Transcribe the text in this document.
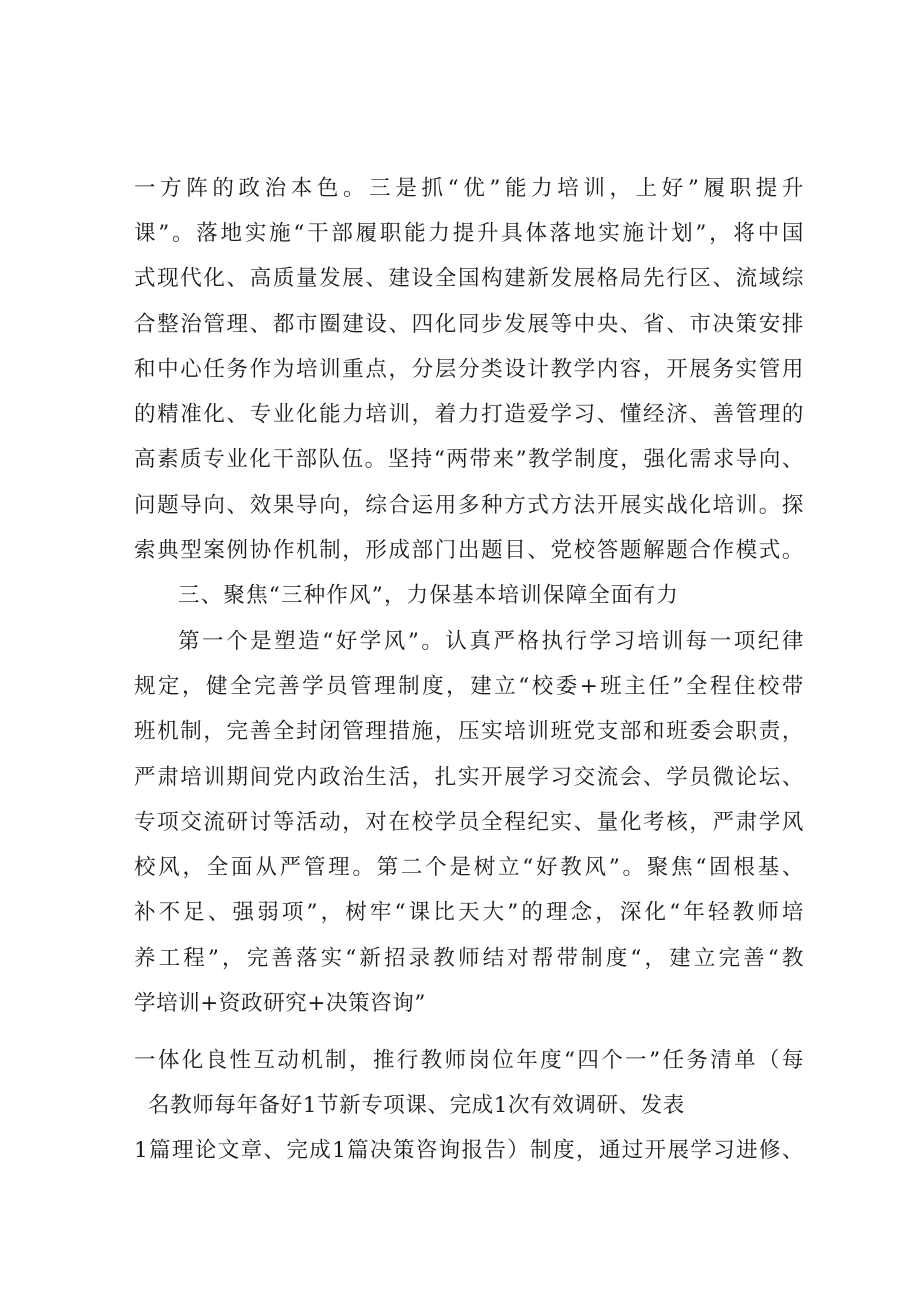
一方阵的政治本色。三是抓“优”能力培训，上好”履职提升
课”。落地实施“干部履职能力提升具体落地实施计划”，将中国
式现代化、高质量发展、建设全国构建新发展格局先行区、流域综
合整治管理、都市圈建设、四化同步发展等中央、省、市决策安排
和中心任务作为培训重点，分层分类设计教学内容，开展务实管用
的精准化、专业化能力培训，着力打造爱学习、懂经济、善管理的
高素质专业化干部队伍。坚持“两带来”教学制度，强化需求导向、
问题导向、效果导向，综合运用多种方式方法开展实战化培训。探
索典型案例协作机制，形成部门出题目、党校答题解题合作模式。
三、聚焦“三种作风”，力保基本培训保障全面有力
第一个是塑造“好学风”。认真严格执行学习培训每一项纪律
规定，健全完善学员管理制度，建立“校委+班主任”全程住校带
班机制，完善全封闭管理措施，压实培训班党支部和班委会职责，
严肃培训期间党内政治生活，扎实开展学习交流会、学员微论坛、
专项交流研讨等活动，对在校学员全程纪实、量化考核，严肃学风
校风，全面从严管理。第二个是树立“好教风”。聚焦“固根基、
补不足、强弱项”，树牢“课比天大”的理念，深化“年轻教师培
养工程”，完善落实“新招录教师结对帮带制度“，建立完善“教
学培训+资政研究+决策咨询”
一体化良性互动机制，推行教师岗位年度“四个一”任务清单（每
名教师每年备好1节新专项课、完成1次有效调研、发表
1篇理论文章、完成1篇决策咨询报告）制度，通过开展学习进修、
